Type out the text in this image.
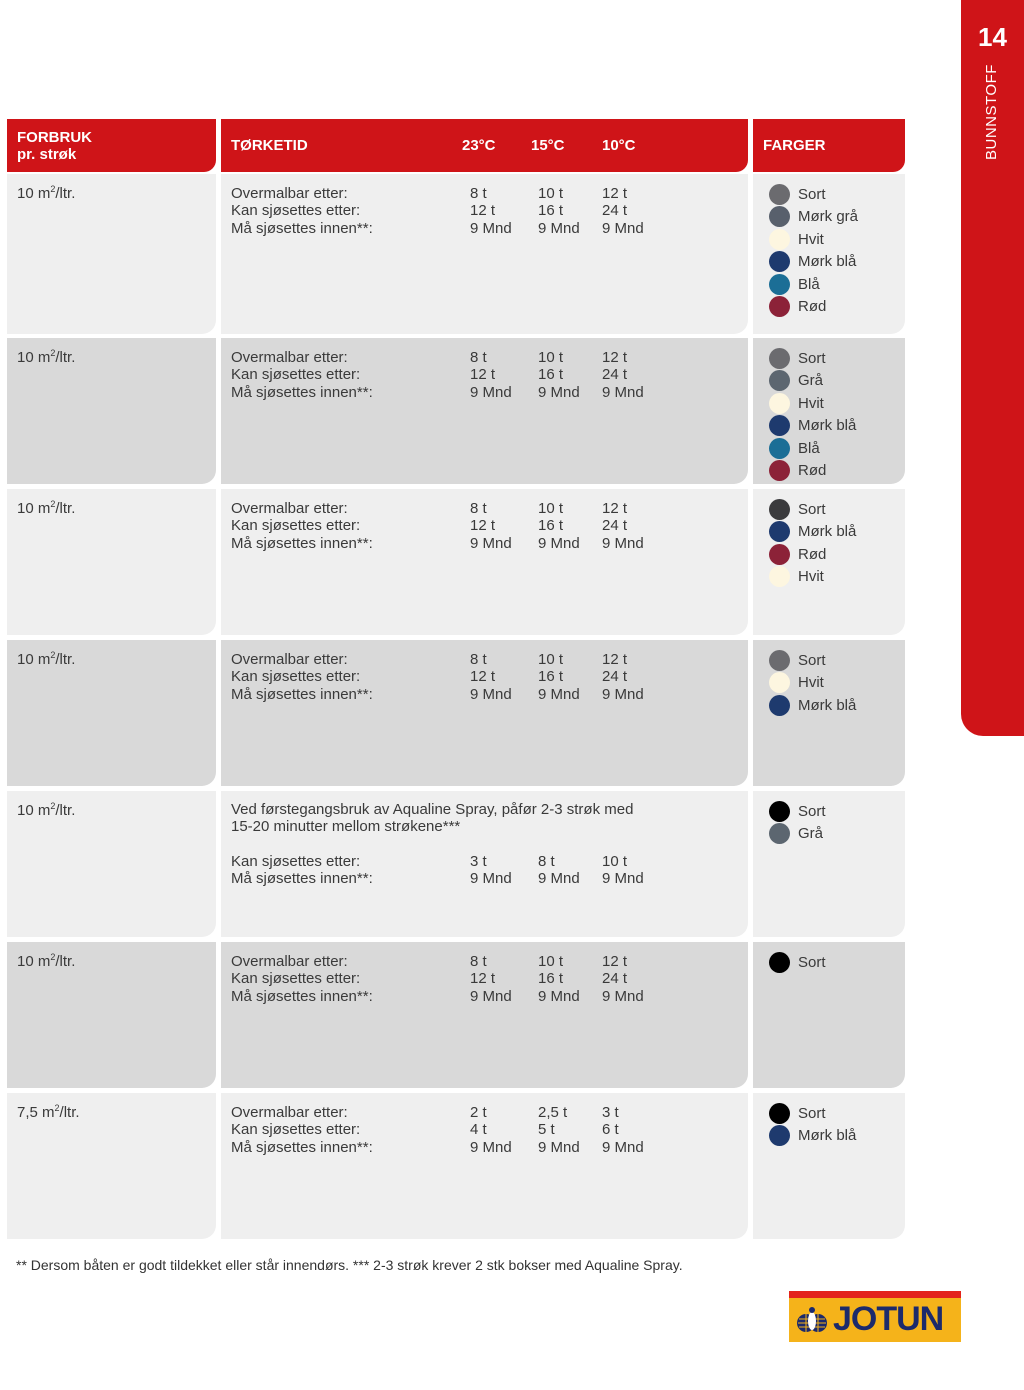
14
BUNNSTOFF
FORBRUK
pr. strøk
TØRKETID	23°C 15°C 10°C	FARGER
10 $m^2$/ltr.	Overmalbar etter:	8 t	10 t	12 t
Kan sjøsettes etter:	12 t	16 t	24 t
Må sjøsettes innen**:	9 Mnd 9 Mnd 9 Mnd
Sort
Mørk grå
Hvit
Mørk blå
Blå
Rød
10 $m^2$/ltr.	Overmalbar etter:	8 t	10 t	12 t
Kan sjøsettes etter:	12 t	16 t	24 t
Må sjøsettes innen**:	9 Mnd 9 Mnd 9 Mnd
Sort
Grå
Hvit
Mørk blå
Blå
Rød
10 $m^2$/ltr.	Overmalbar etter:	8 t	10 t	12 t
Kan sjøsettes etter:	12 t	16 t	24 t
Må sjøsettes innen**:	9 Mnd 9 Mnd 9 Mnd
Sort
Mørk blå
Rød
Hvit
10 $m^2$/ltr.	Overmalbar etter:	8 t	10 t	12 t
Kan sjøsettes etter:	12 t	16 t	24 t
Må sjøsettes innen**:	9 Mnd 9 Mnd 9 Mnd
Sort
Hvit
Mørk blå
10 $m^2$/ltr.	Ved førstegangsbruk av Aqualine Spray, påfør 2-3 strøk med
15-20 minutter mellom strøkene***
Kan sjøsettes etter:	3 t	8 t	10 t
Må sjøsettes innen**:	9 Mnd 9 Mnd 9 Mnd
Sort
Grå
10 $m^2$/ltr.	Overmalbar etter:	8 t	10 t	12 t
Kan sjøsettes etter:	12 t	16 t	24 t
Må sjøsettes innen**:	9 Mnd 9 Mnd 9 Mnd
Sort
7,5 $m^2$/ltr.	Overmalbar etter:	2 t	2,5 t 3 t
Kan sjøsettes etter:	4 t	5 t	6 t
Må sjøsettes innen**:	9 Mnd 9 Mnd 9 Mnd
Sort
Mørk blå
** Dersom båten er godt tildekket eller står innendørs. *** 2-3 strøk krever 2 stk bokser med Aqualine Spray.
JOTUN
